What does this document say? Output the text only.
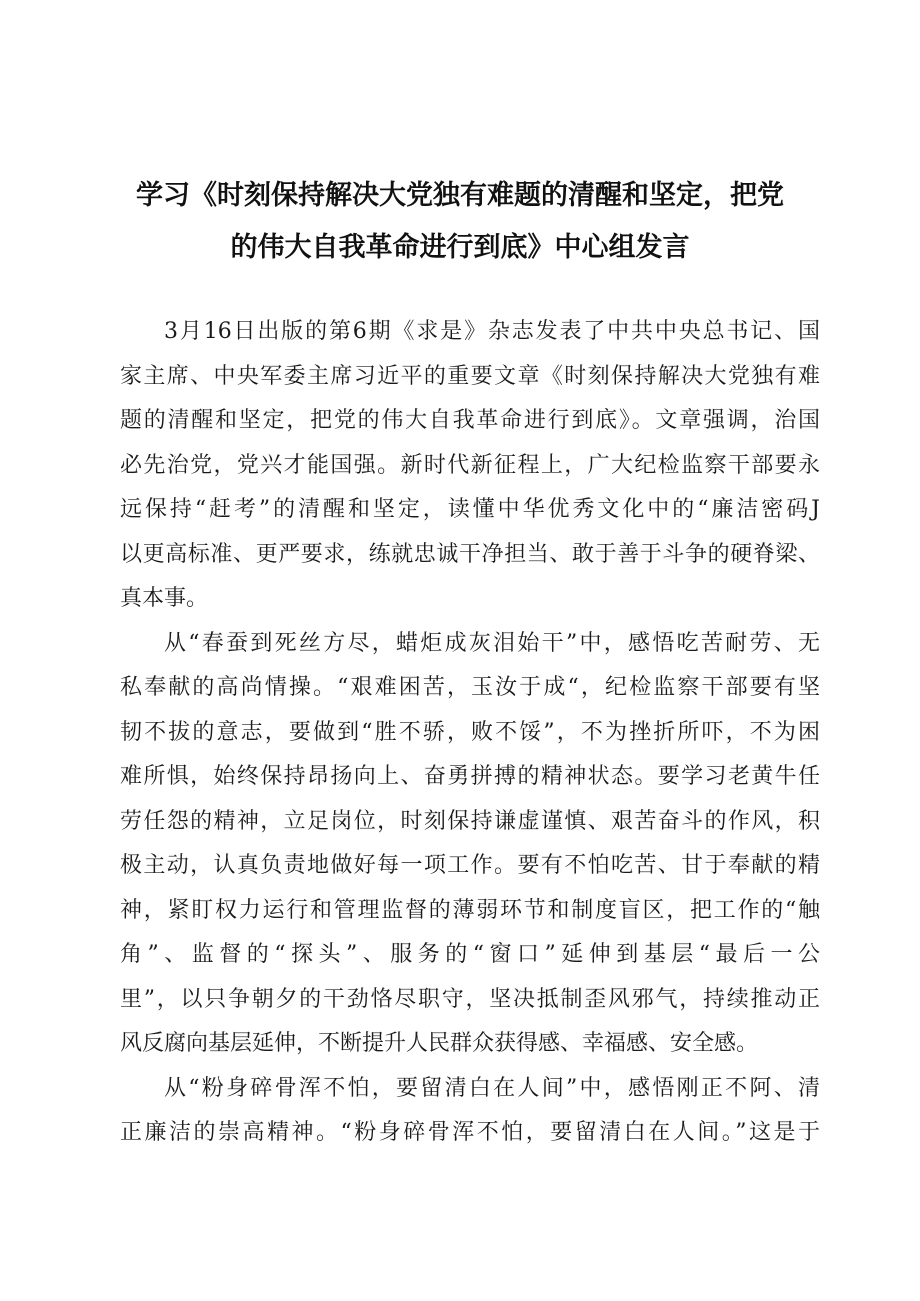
学习《时刻保持解决大党独有难题的清醒和坚定，把党
的伟大自我革命进行到底》中心组发言
3月16日出版的第6期《求是》杂志发表了中共中央总书记、国
家主席、中央军委主席习近平的重要文章《时刻保持解决大党独有难
题的清醒和坚定，把党的伟大自我革命进行到底》。文章强调，治国
必先治党，党兴才能国强。新时代新征程上，广大纪检监察干部要永
远保持“赶考”的清醒和坚定，读懂中华优秀文化中的“廉洁密码J
以更高标准、更严要求，练就忠诚干净担当、敢于善于斗争的硬脊梁、
真本事。
从“春蚕到死丝方尽，蜡炬成灰泪始干”中，感悟吃苦耐劳、无
私奉献的高尚情操。“艰难困苦，玉汝于成“，纪检监察干部要有坚
韧不拔的意志，要做到“胜不骄，败不馁”，不为挫折所吓，不为困
难所惧，始终保持昂扬向上、奋勇拼搏的精神状态。要学习老黄牛任
劳任怨的精神，立足岗位，时刻保持谦虚谨慎、艰苦奋斗的作风，积
极主动，认真负责地做好每一项工作。要有不怕吃苦、甘于奉献的精
神，紧盯权力运行和管理监督的薄弱环节和制度盲区，把工作的“触
角”、监督的“探头”、服务的“窗口”延伸到基层“最后一公
里”，以只争朝夕的干劲恪尽职守，坚决抵制歪风邪气，持续推动正
风反腐向基层延伸，不断提升人民群众获得感、幸福感、安全感。
从“粉身碎骨浑不怕，要留清白在人间”中，感悟刚正不阿、清
正廉洁的崇高精神。“粉身碎骨浑不怕，要留清白在人间。”这是于
